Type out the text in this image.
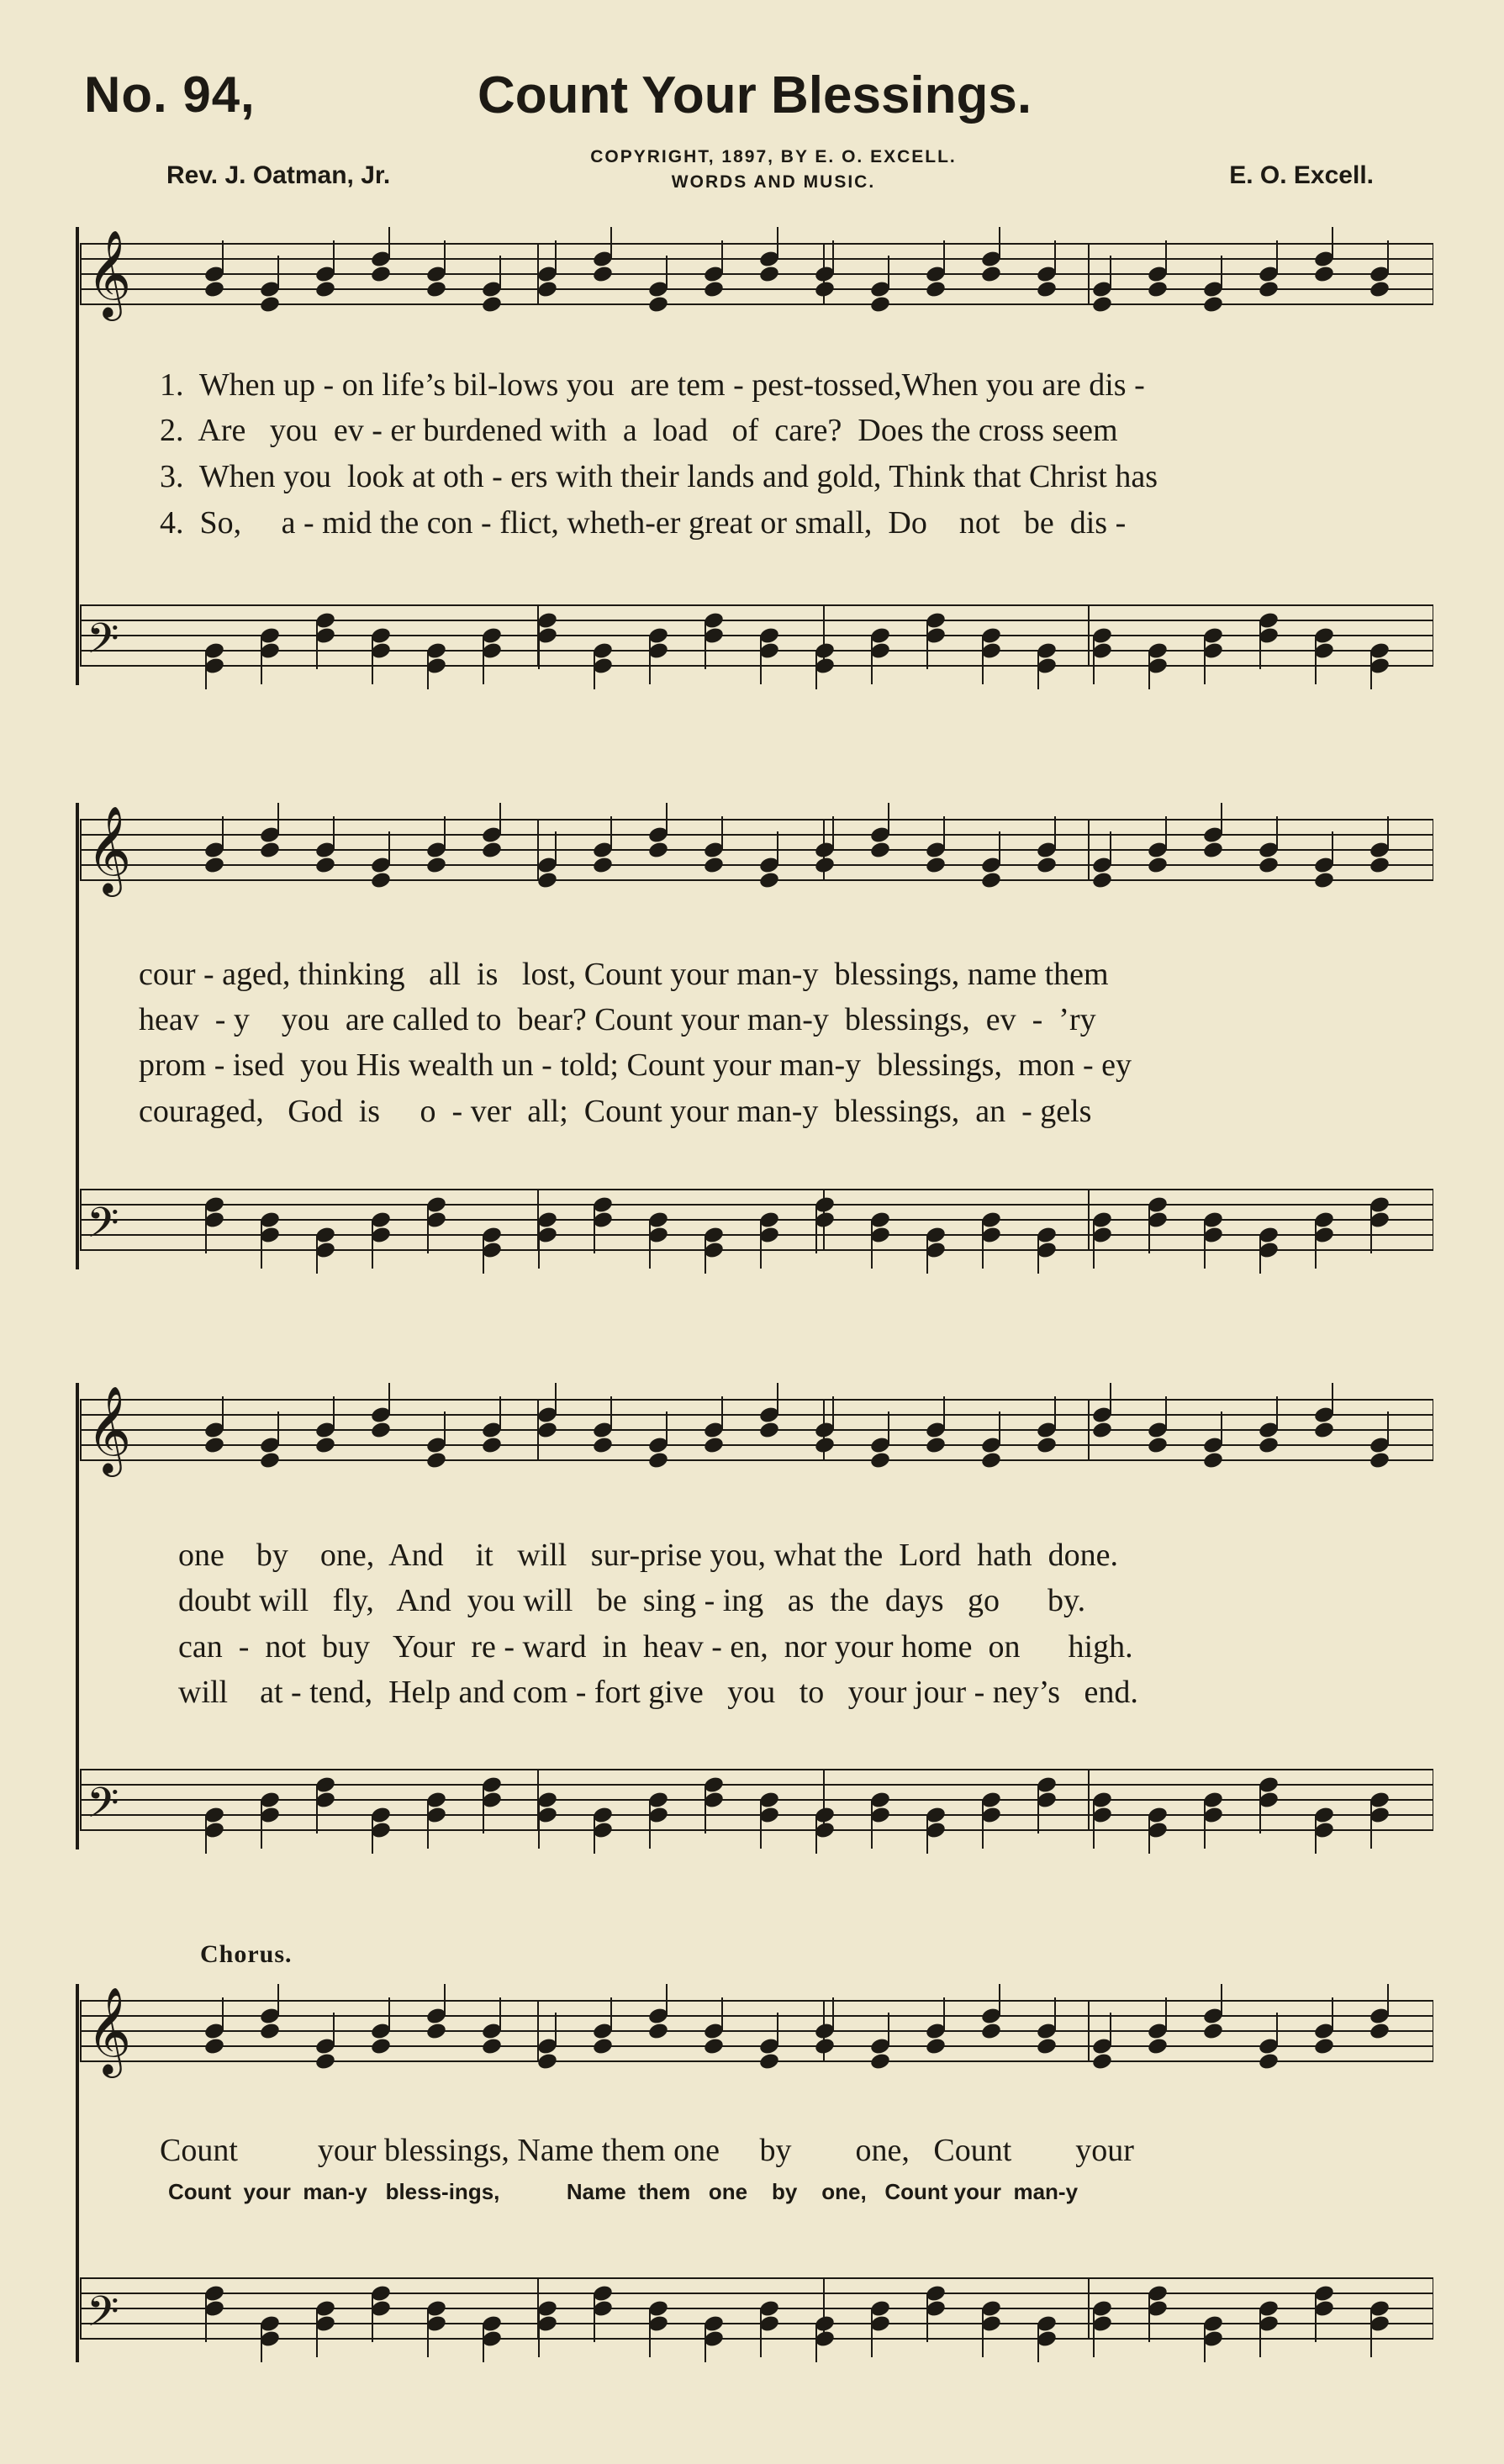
No. 94,	Count Your Blessings.
COPYRIGHT, 1897, BY E. O. EXCELL.
WORDS AND MUSIC.
Rev. J. Oatman, Jr.	E. O. Excell.
𝄞
𝄢
𝄞
𝄢
𝄞
𝄢
𝄞
𝄢
1.  When up - on life’s bil-lows you  are tem - pest-tossed,When you are dis -
2.  Are   you  ev - er burdened with  a  load   of  care?  Does the cross seem
3.  When you  look at oth - ers with their lands and gold, Think that Christ has
4.  So,     a - mid the con - flict, wheth-er great or small,  Do    not   be  dis -
cour - aged, thinking   all  is   lost, Count your man-y  blessings, name them
heav  - y    you  are called to  bear? Count your man-y  blessings,  ev  -  ’ry
prom - ised  you His wealth un - told; Count your man-y  blessings,  mon - ey
couraged,   God  is     o  - ver  all;  Count your man-y  blessings,  an  - gels
one    by    one,  And    it   will   sur-prise you, what the  Lord  hath  done.
doubt will   fly,   And  you will   be  sing - ing   as  the  days   go      by.
can  -  not  buy   Your  re - ward  in  heav - en,  nor your home  on      high.
will    at - tend,  Help and com - fort give   you   to   your jour - ney’s   end.
Chorus.
Count          your blessings, Name them one     by        one,   Count        your
Count  your  man-y   bless-ings,           Name  them   one    by    one,   Count your  man-y
